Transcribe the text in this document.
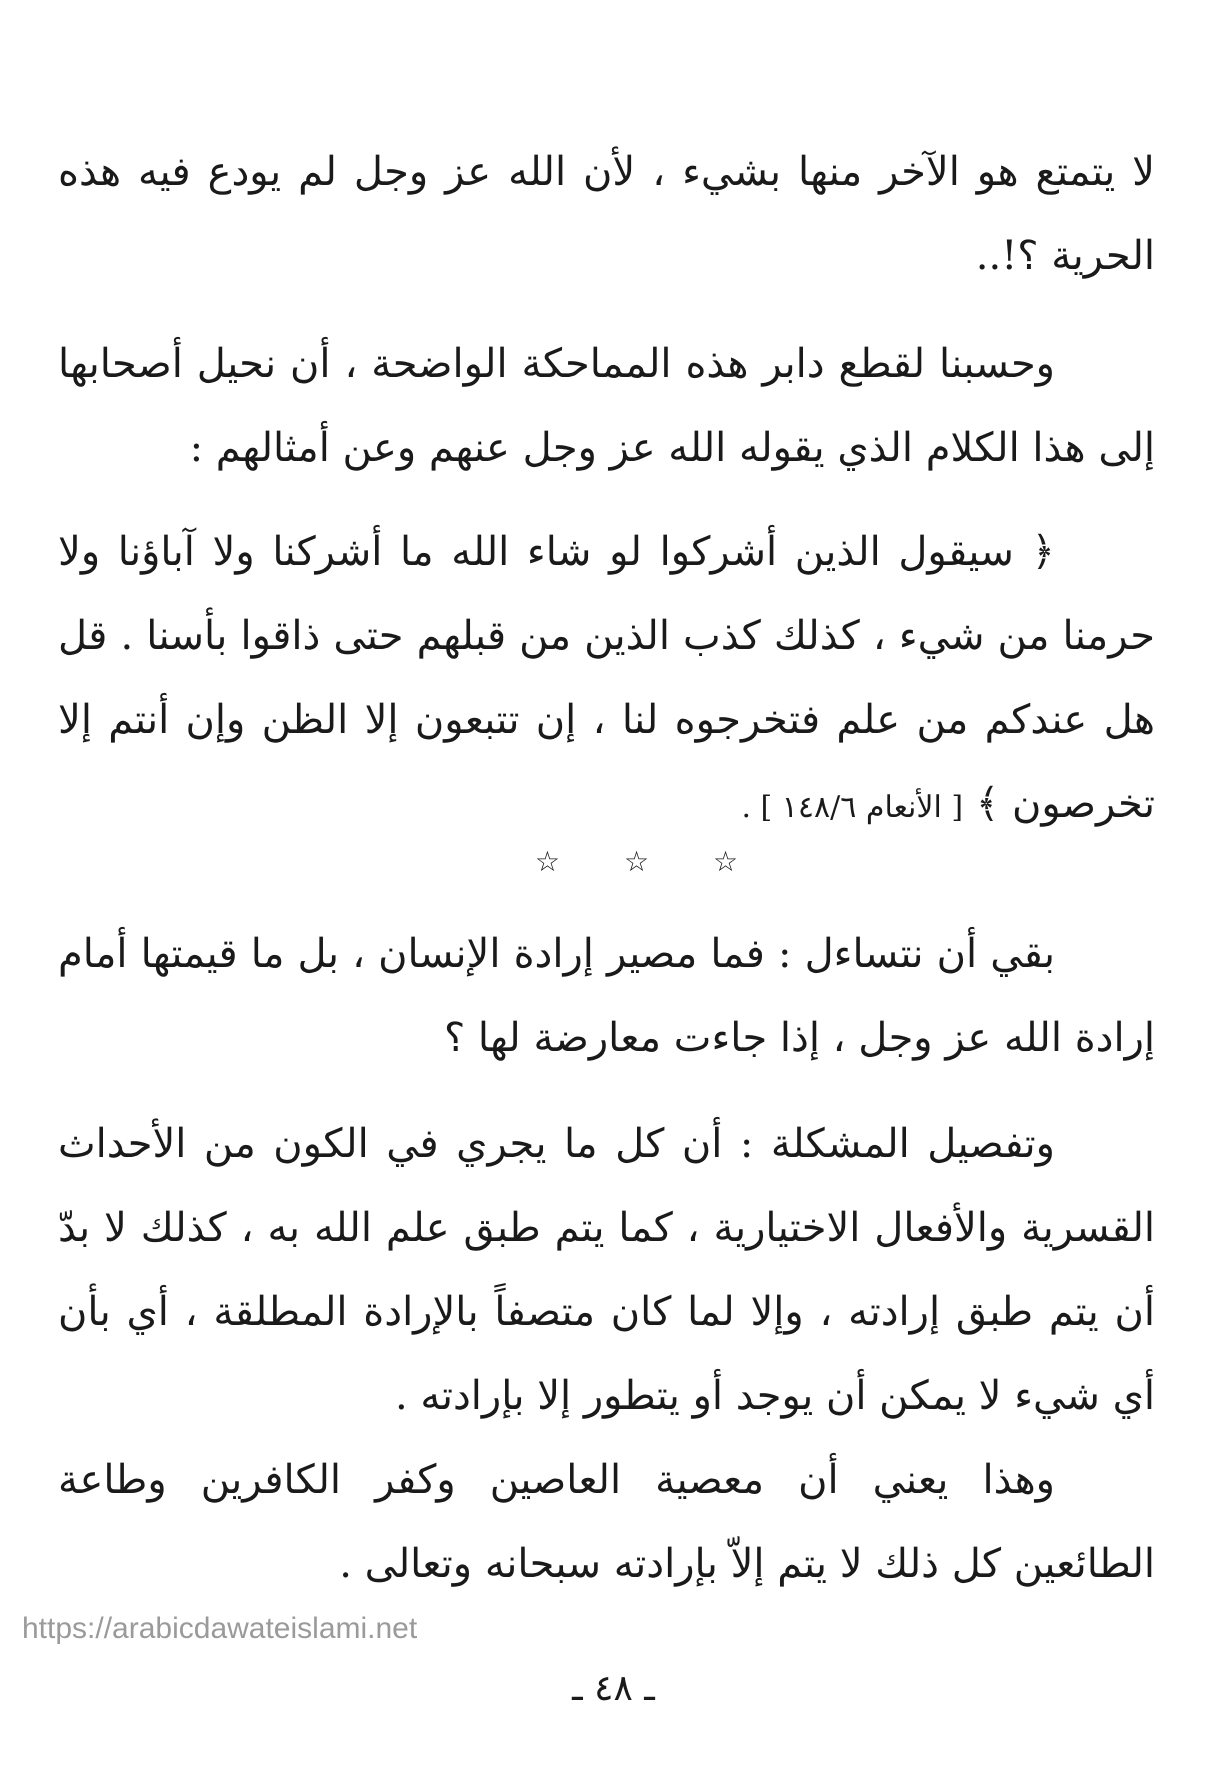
لا يتمتع هو الآخر منها بشيء ، لأن الله عز وجل لم يودع فيه هذه الحرية ؟!..

وحسبنا لقطع دابر هذه المماحكة الواضحة ، أن نحيل أصحابها إلى هذا الكلام الذي يقوله الله عز وجل عنهم وعن أمثالهم :

﴿ سيقول الذين أشركوا لو شاء الله ما أشركنا ولا آباؤنا ولا حرمنا من شيء ، كذلك كذب الذين من قبلهم حتى ذاقوا بأسنا . قل هل عندكم من علم فتخرجوه لنا ، إن تتبعون إلا الظن وإن أنتم إلا تخرصون ﴾ [ الأنعام ١٤٨/٦ ] .

☆☆☆

بقي أن نتساءل : فما مصير إرادة الإنسان ، بل ما قيمتها أمام إرادة الله عز وجل ، إذا جاءت معارضة لها ؟

وتفصيل المشكلة : أن كل ما يجري في الكون من الأحداث القسرية والأفعال الاختيارية ، كما يتم طبق علم الله به ، كذلك لا بدّ أن يتم طبق إرادته ، وإلا لما كان متصفاً بالإرادة المطلقة ، أي بأن أي شيء لا يمكن أن يوجد أو يتطور إلا بإرادته .

وهذا يعني أن معصية العاصين وكفر الكافرين وطاعة الطائعين كل ذلك لا يتم إلاّ بإرادته سبحانه وتعالى .

https://arabicdawateislami.net
ـ ٤٨ ـ
